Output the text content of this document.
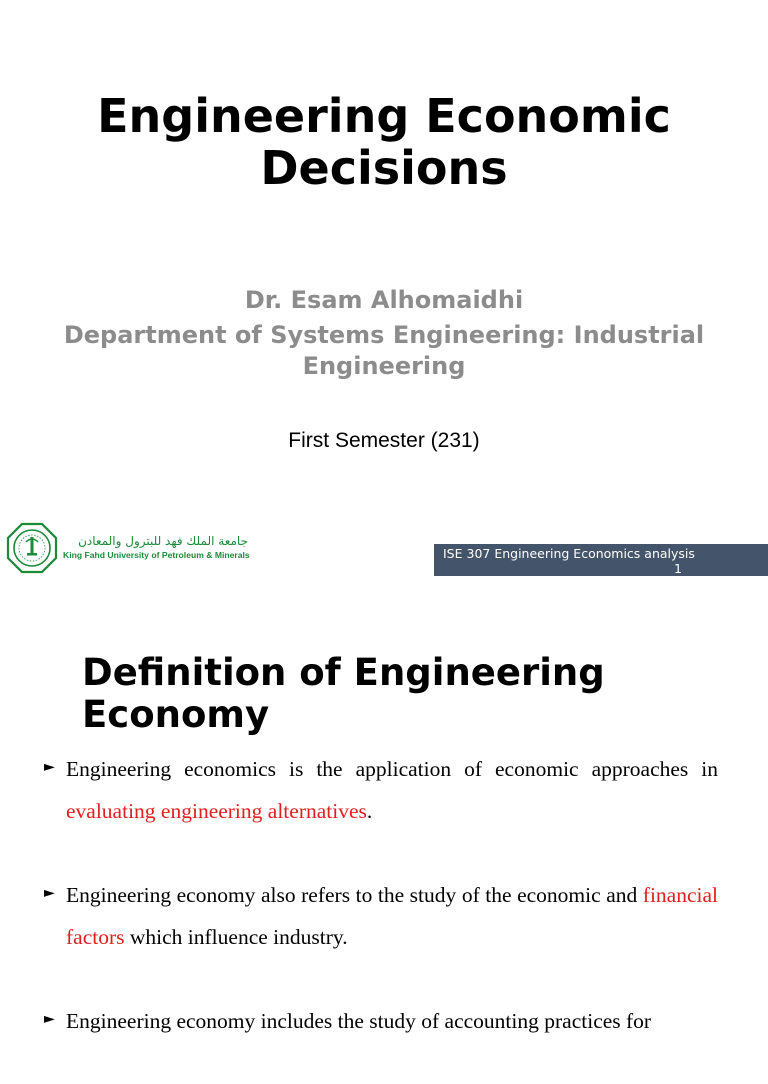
Engineering Economic Decisions
Dr. Esam Alhomaidhi
Department of Systems Engineering: Industrial Engineering
First Semester (231)
جامعة الملك فهد للبترول والمعادن
King Fahd University of Petroleum & Minerals	ISE 307 Engineering Economics analysis
1
Definition of Engineering Economy
► Engineering economics is the application of economic approaches in evaluating engineering alternatives.
► Engineering economy also refers to the study of the economic and financial factors which influence industry.
► Engineering economy includes the study of accounting practices for
